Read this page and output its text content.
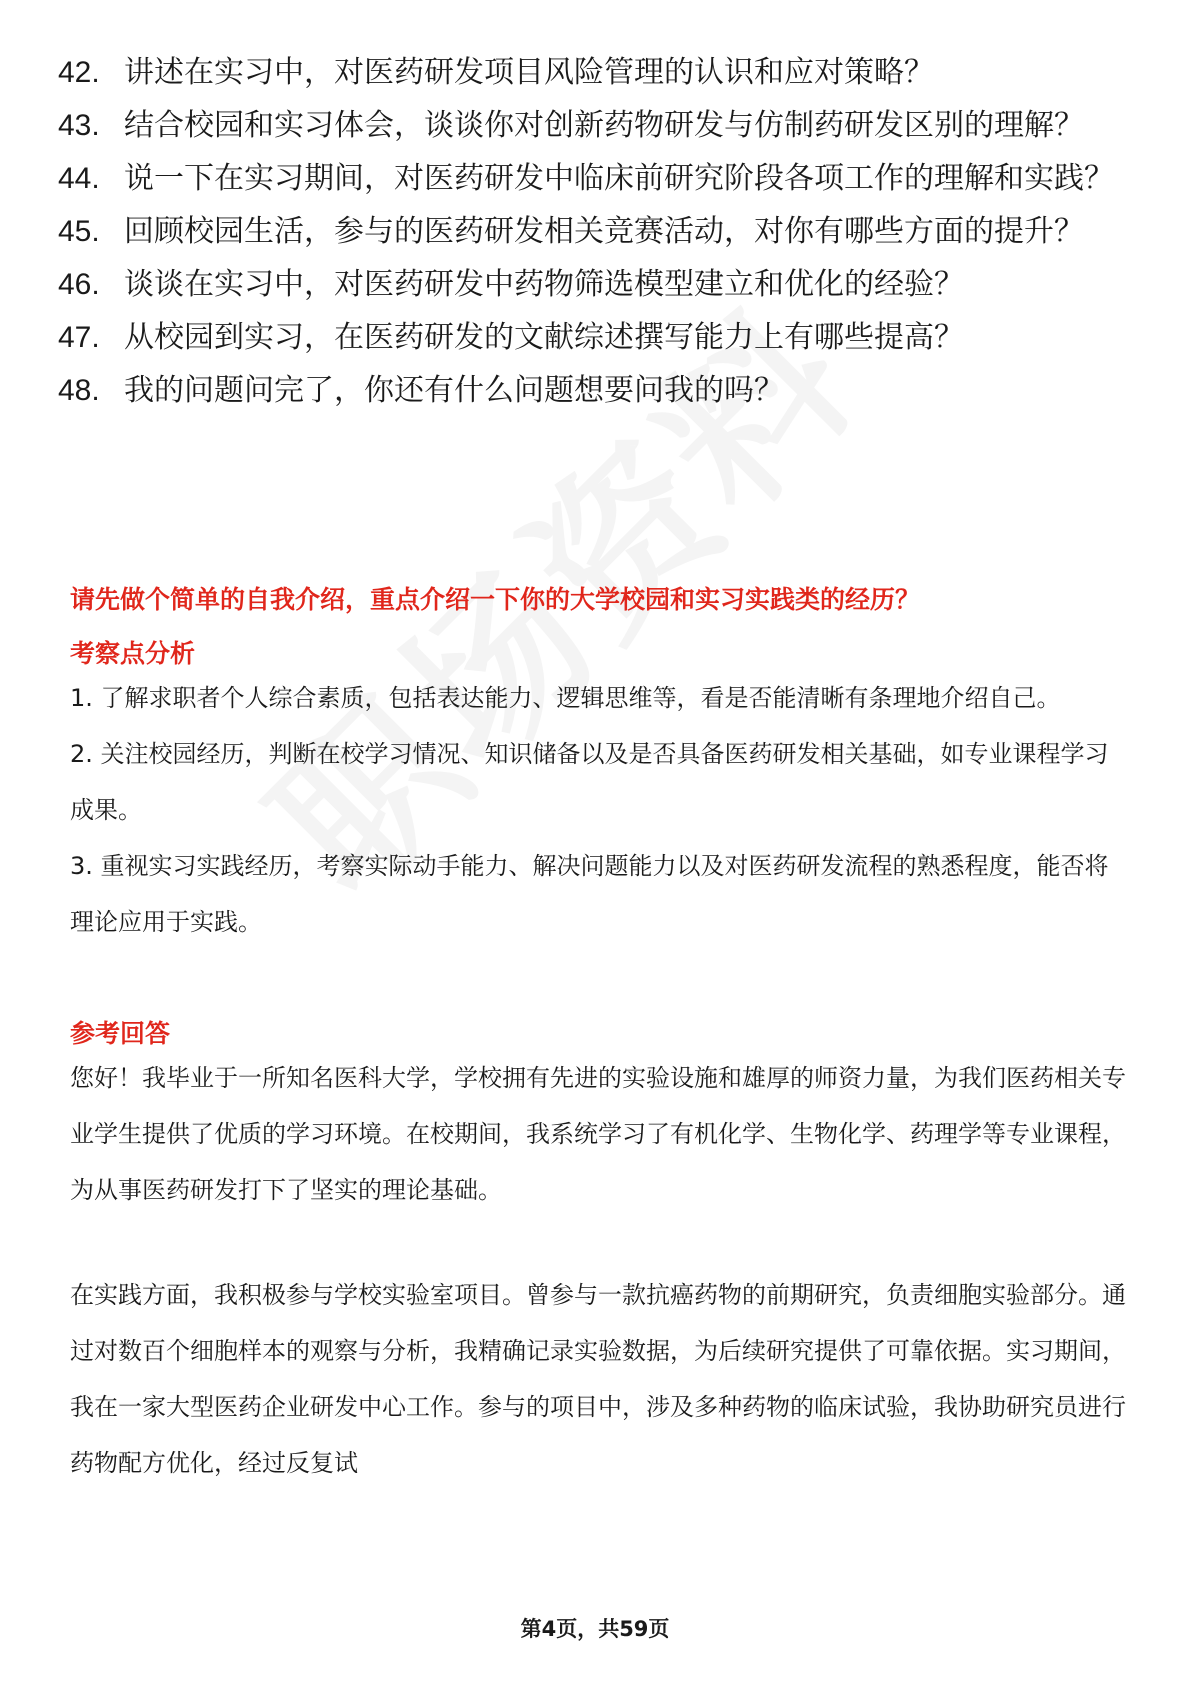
42. 讲述在实习中，对医药研发项目风险管理的认识和应对策略？
43. 结合校园和实习体会，谈谈你对创新药物研发与仿制药研发区别的理解？
44. 说一下在实习期间，对医药研发中临床前研究阶段各项工作的理解和实践？
45. 回顾校园生活，参与的医药研发相关竞赛活动，对你有哪些方面的提升？
46. 谈谈在实习中，对医药研发中药物筛选模型建立和优化的经验？
47. 从校园到实习，在医药研发的文献综述撰写能力上有哪些提高？
48. 我的问题问完了，你还有什么问题想要问我的吗？
请先做个简单的自我介绍，重点介绍一下你的大学校园和实习实践类的经历？
考察点分析

1. 了解求职者个人综合素质，包括表达能力、逻辑思维等，看是否能清晰有条理地介绍自己。

2. 关注校园经历，判断在校学习情况、知识储备以及是否具备医药研发相关基础，如专业课程学习成果。

3. 重视实习实践经历，考察实际动手能力、解决问题能力以及对医药研发流程的熟悉程度，能否将理论应用于实践。

参考回答

您好！我毕业于一所知名医科大学，学校拥有先进的实验设施和雄厚的师资力量，为我们医药相关专业学生提供了优质的学习环境。在校期间，我系统学习了有机化学、生物化学、药理学等专业课程，为从事医药研发打下了坚实的理论基础。

在实践方面，我积极参与学校实验室项目。曾参与一款抗癌药物的前期研究，负责细胞实验部分。通过对数百个细胞样本的观察与分析，我精确记录实验数据，为后续研究提供了可靠依据。实习期间，我在一家大型医药企业研发中心工作。参与的项目中，涉及多种药物的临床试验，我协助研究员进行药物配方优化，经过反复试

第4页，共59页
